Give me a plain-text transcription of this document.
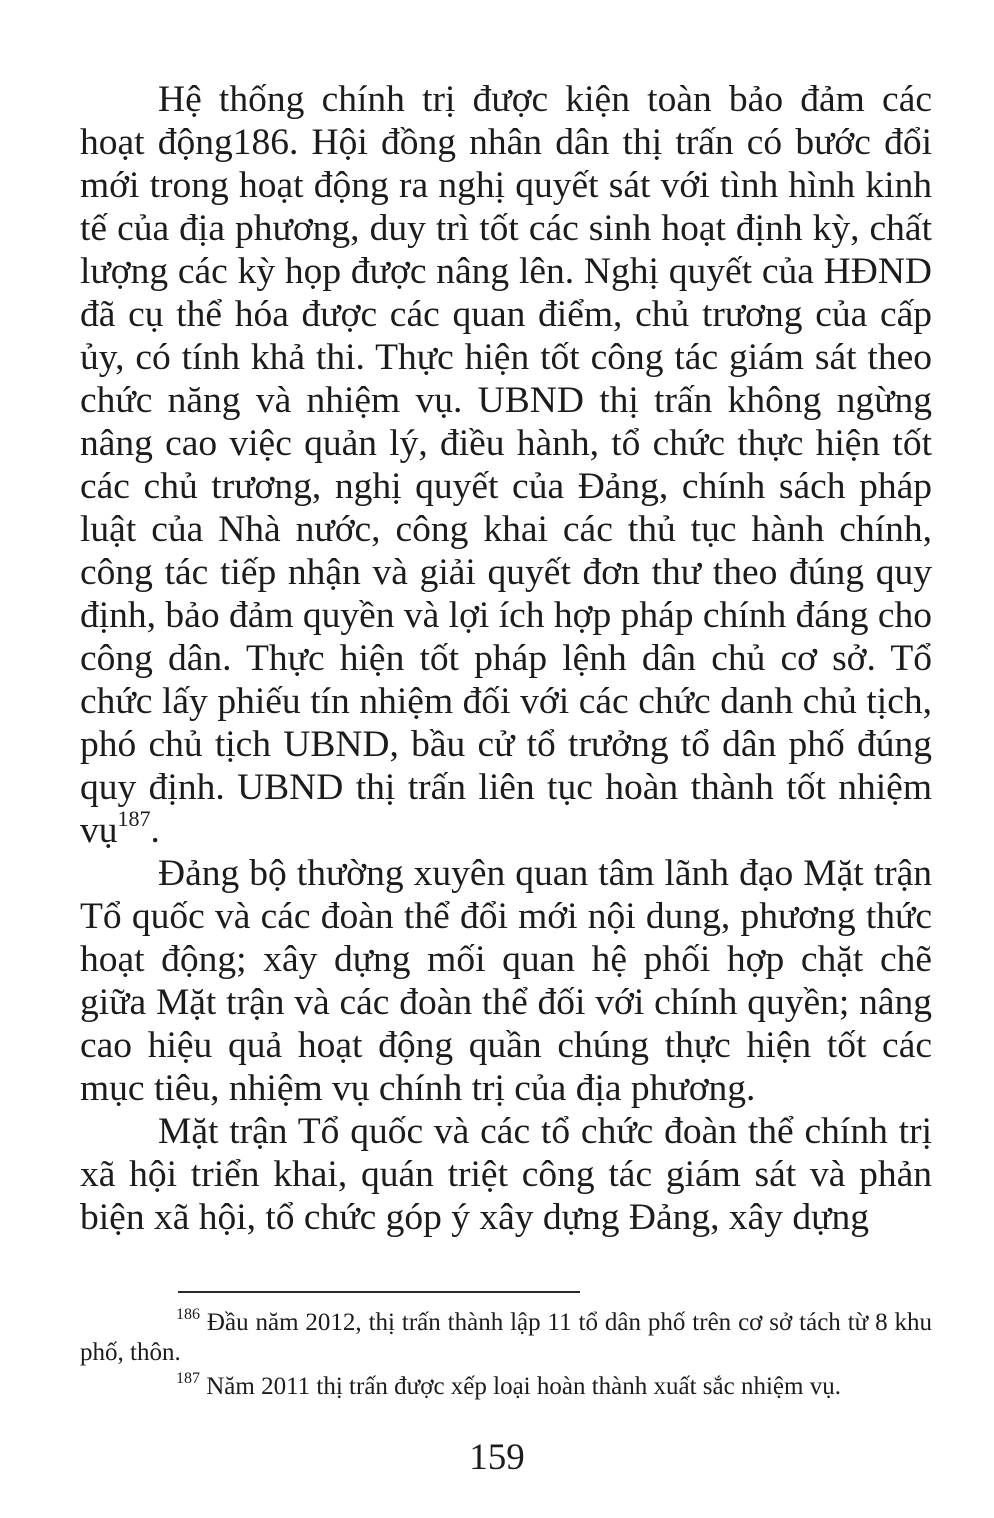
Hệ thống chính trị được kiện toàn bảo đảm các hoạt động186. Hội đồng nhân dân thị trấn có bước đổi mới trong hoạt động ra nghị quyết sát với tình hình kinh tế của địa phương, duy trì tốt các sinh hoạt định kỳ, chất lượng các kỳ họp được nâng lên. Nghị quyết của HĐND đã cụ thể hóa được các quan điểm, chủ trương của cấp ủy, có tính khả thi. Thực hiện tốt công tác giám sát theo chức năng và nhiệm vụ. UBND thị trấn không ngừng nâng cao việc quản lý, điều hành, tổ chức thực hiện tốt các chủ trương, nghị quyết của Đảng, chính sách pháp luật của Nhà nước, công khai các thủ tục hành chính, công tác tiếp nhận và giải quyết đơn thư theo đúng quy định, bảo đảm quyền và lợi ích hợp pháp chính đáng cho công dân. Thực hiện tốt pháp lệnh dân chủ cơ sở. Tổ chức lấy phiếu tín nhiệm đối với các chức danh chủ tịch, phó chủ tịch UBND, bầu cử tổ trưởng tổ dân phố đúng quy định. UBND thị trấn liên tục hoàn thành tốt nhiệm vụ$^{187}$.

Đảng bộ thường xuyên quan tâm lãnh đạo Mặt trận Tổ quốc và các đoàn thể đổi mới nội dung, phương thức hoạt động; xây dựng mối quan hệ phối hợp chặt chẽ giữa Mặt trận và các đoàn thể đối với chính quyền; nâng cao hiệu quả hoạt động quần chúng thực hiện tốt các mục tiêu, nhiệm vụ chính trị của địa phương.

Mặt trận Tổ quốc và các tổ chức đoàn thể chính trị xã hội triển khai, quán triệt công tác giám sát và phản biện xã hội, tổ chức góp ý xây dựng Đảng, xây dựng

$^{186}$ Đầu năm 2012, thị trấn thành lập 11 tổ dân phố trên cơ sở tách từ 8 khu phố, thôn.

$^{187}$ Năm 2011 thị trấn được xếp loại hoàn thành xuất sắc nhiệm vụ.

159
